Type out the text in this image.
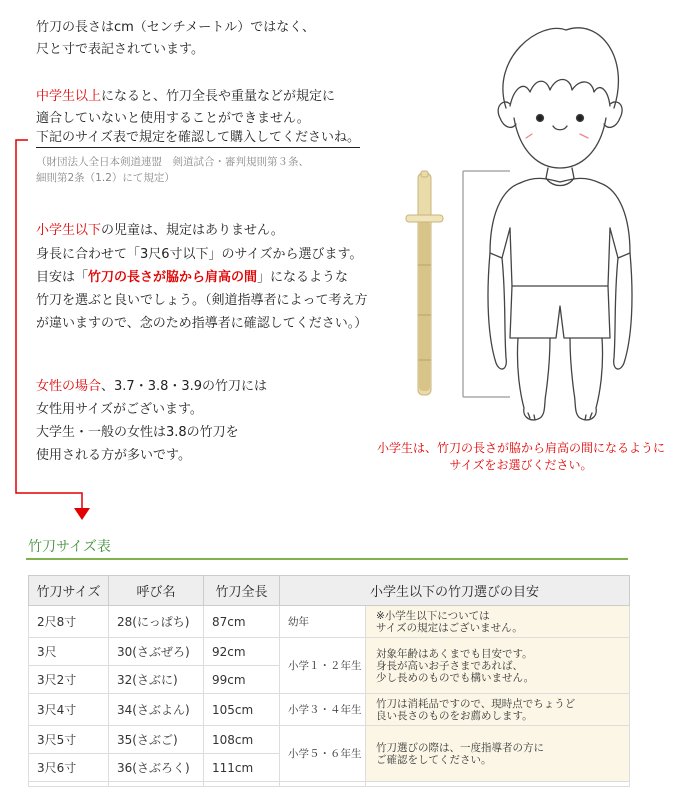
竹刀の長さはcm（センチメートル）ではなく、
尺と寸で表記されています。
中学生以上になると、竹刀全長や重量などが規定に
適合していないと使用することができません。
下記のサイズ表で規定を確認して購入してくださいね。
（財団法人全日本剣道連盟　剣道試合・審判規則第３条、
細則第2条（1.2）にて規定）
小学生以下の児童は、規定はありません。
身長に合わせて「3尺6寸以下」のサイズから選びます。
目安は「竹刀の長さが脇から肩高の間」になるような
竹刀を選ぶと良いでしょう。（剣道指導者によって考え方
が違いますので、念のため指導者に確認してください。）
女性の場合、3.7・3.8・3.9の竹刀には
女性用サイズがございます。
大学生・一般の女性は3.8の竹刀を
使用される方が多いです。	小学生は、竹刀の長さが脇から肩高の間になるように
サイズをお選びください。
竹刀サイズ表
竹刀サイズ	呼び名	竹刀全長	小学生以下の竹刀選びの目安	
2尺8寸	28(にっぱち)	87cm	幼年	※小学生以下については
サイズの規定はございません。

3尺	30(さぶぜろ)	92cm	小学１・２年生	対象年齢はあくまでも目安です。
身長が高いお子さまであれば、
少し長めのものでも構いません。

3尺2寸	32(さぶに)	99cm		
3尺4寸	34(さぶよん)	105cm	小学３・４年生	竹刀は消耗品ですので、現時点でちょうど
良い長さのものをお薦めします。

3尺5寸	35(さぶご)	108cm	小学５・６年生	竹刀選びの際は、一度指導者の方に
ご確認をしてください。

3尺6寸	36(さぶろく)	111cm		
